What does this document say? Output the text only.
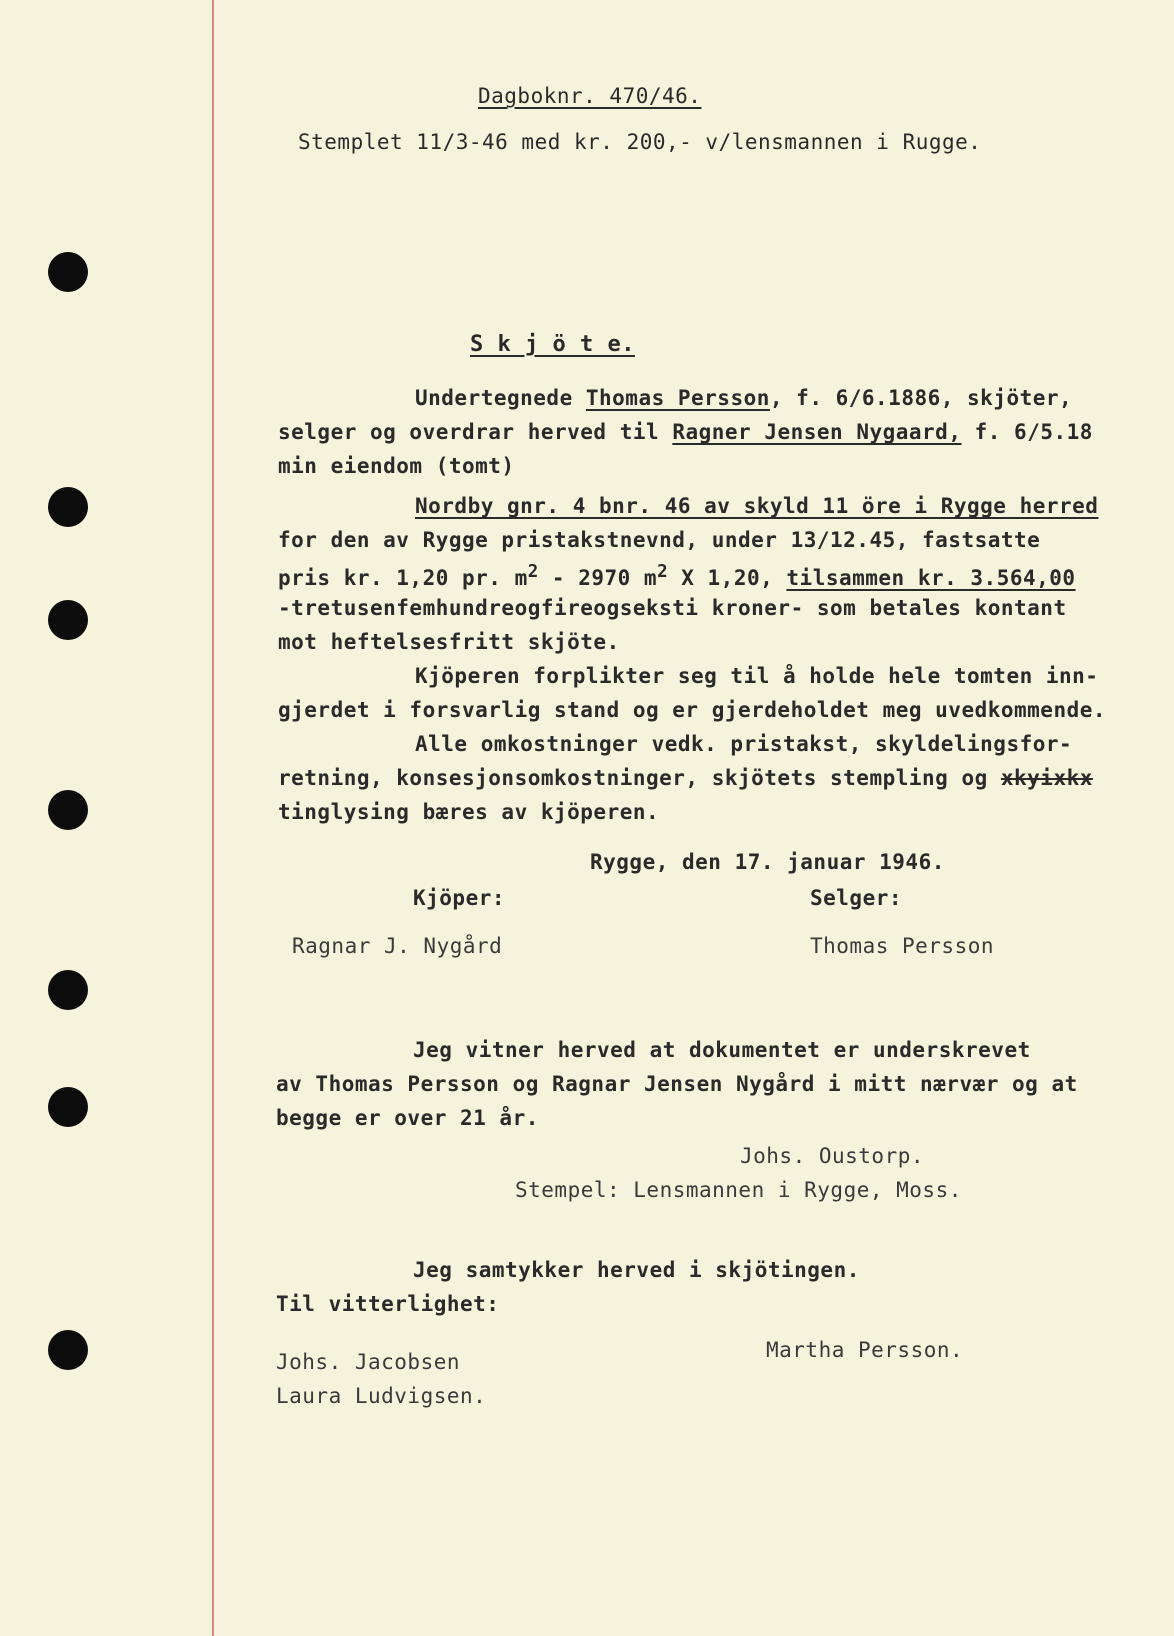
Dagboknr. 470/46.
Stemplet 11/3-46 med kr. 200,- v/lensmannen i Rugge.
S k j ö t e.
Undertegnede Thomas Persson, f. 6/6.1886, skjöter,
selger og overdrar herved til Ragner Jensen Nygaard, f. 6/5.18
min eiendom (tomt)
Nordby gnr. 4 bnr. 46 av skyld 11 öre i Rygge herred
for den av Rygge pristakstnevnd, under 13/12.45, fastsatte
pris kr. 1,20 pr. $m^2 - 2970$ $m^2$ X 1,20, tilsammen kr. 3.564,00
-tretusenfemhundreogfireogseksti kroner- som betales kontant
mot heftelsesfritt skjöte.
Kjöperen forplikter seg til å holde hele tomten inn-
gjerdet i forsvarlig stand og er gjerdeholdet meg uvedkommende.
Alle omkostninger vedk. pristakst, skyldelingsfor-
retning, konsesjonsomkostninger, skjötets stempling og xkyixkx
tinglysing bæres av kjöperen.
Rygge, den 17. januar 1946.
Kjöper:	Selger:
Ragnar J. Nygård	Thomas Persson
Jeg vitner herved at dokumentet er underskrevet
av Thomas Persson og Ragnar Jensen Nygård i mitt nærvær og at
begge er over 21 år.
Johs. Oustorp.
Stempel: Lensmannen i Rygge, Moss.
Jeg samtykker herved i skjötingen.
Til vitterlighet:
Martha Persson.
Johs. Jacobsen
Laura Ludvigsen.
